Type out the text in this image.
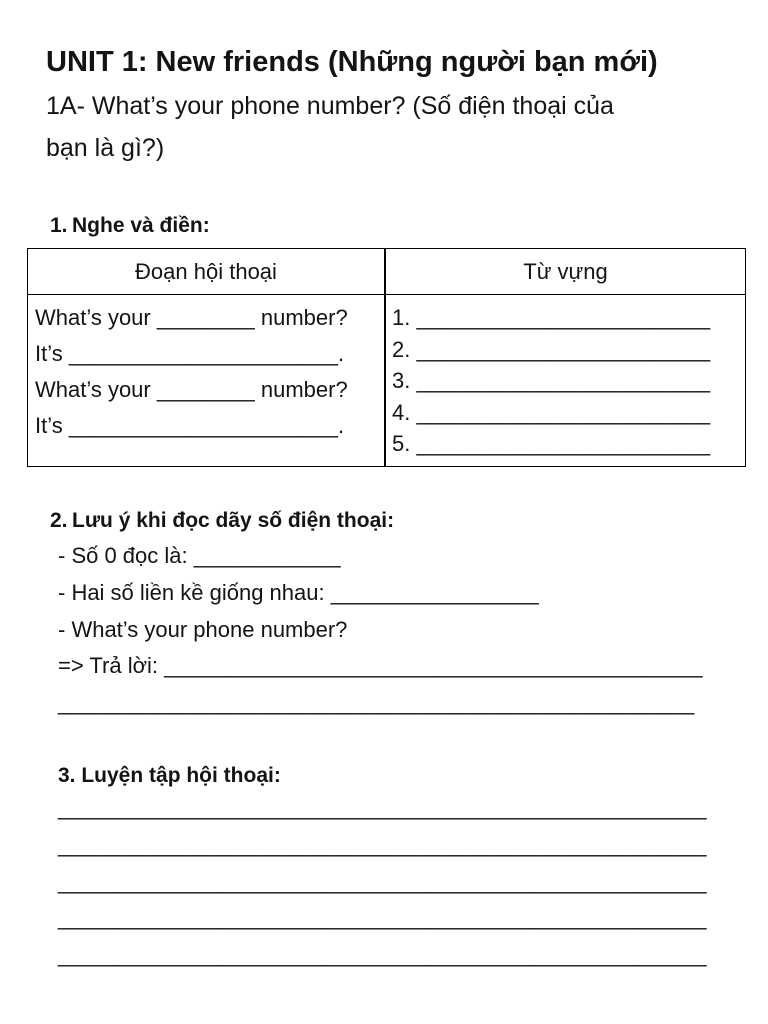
UNIT 1: New friends (Những người bạn mới)
1A- What’s your phone number? (Số điện thoại của bạn là gì?)
1. Nghe và điền:
Đoạn hội thoại	Từ vựng
What’s your ________ number?
It’s ______________________.
What’s your ________ number?
It’s ______________________.
1. ________________________
2. ________________________
3. ________________________
4. ________________________
5. ________________________
2. Lưu ý khi đọc dãy số điện thoại:
- Số 0 đọc là: ____________
- Hai số liền kề giống nhau: _________________
- What’s your phone number?
=> Trả lời: ____________________________________________
____________________________________________________
3. Luyện tập hội thoại:
_____________________________________________________
_____________________________________________________
_____________________________________________________
_____________________________________________________
_____________________________________________________
